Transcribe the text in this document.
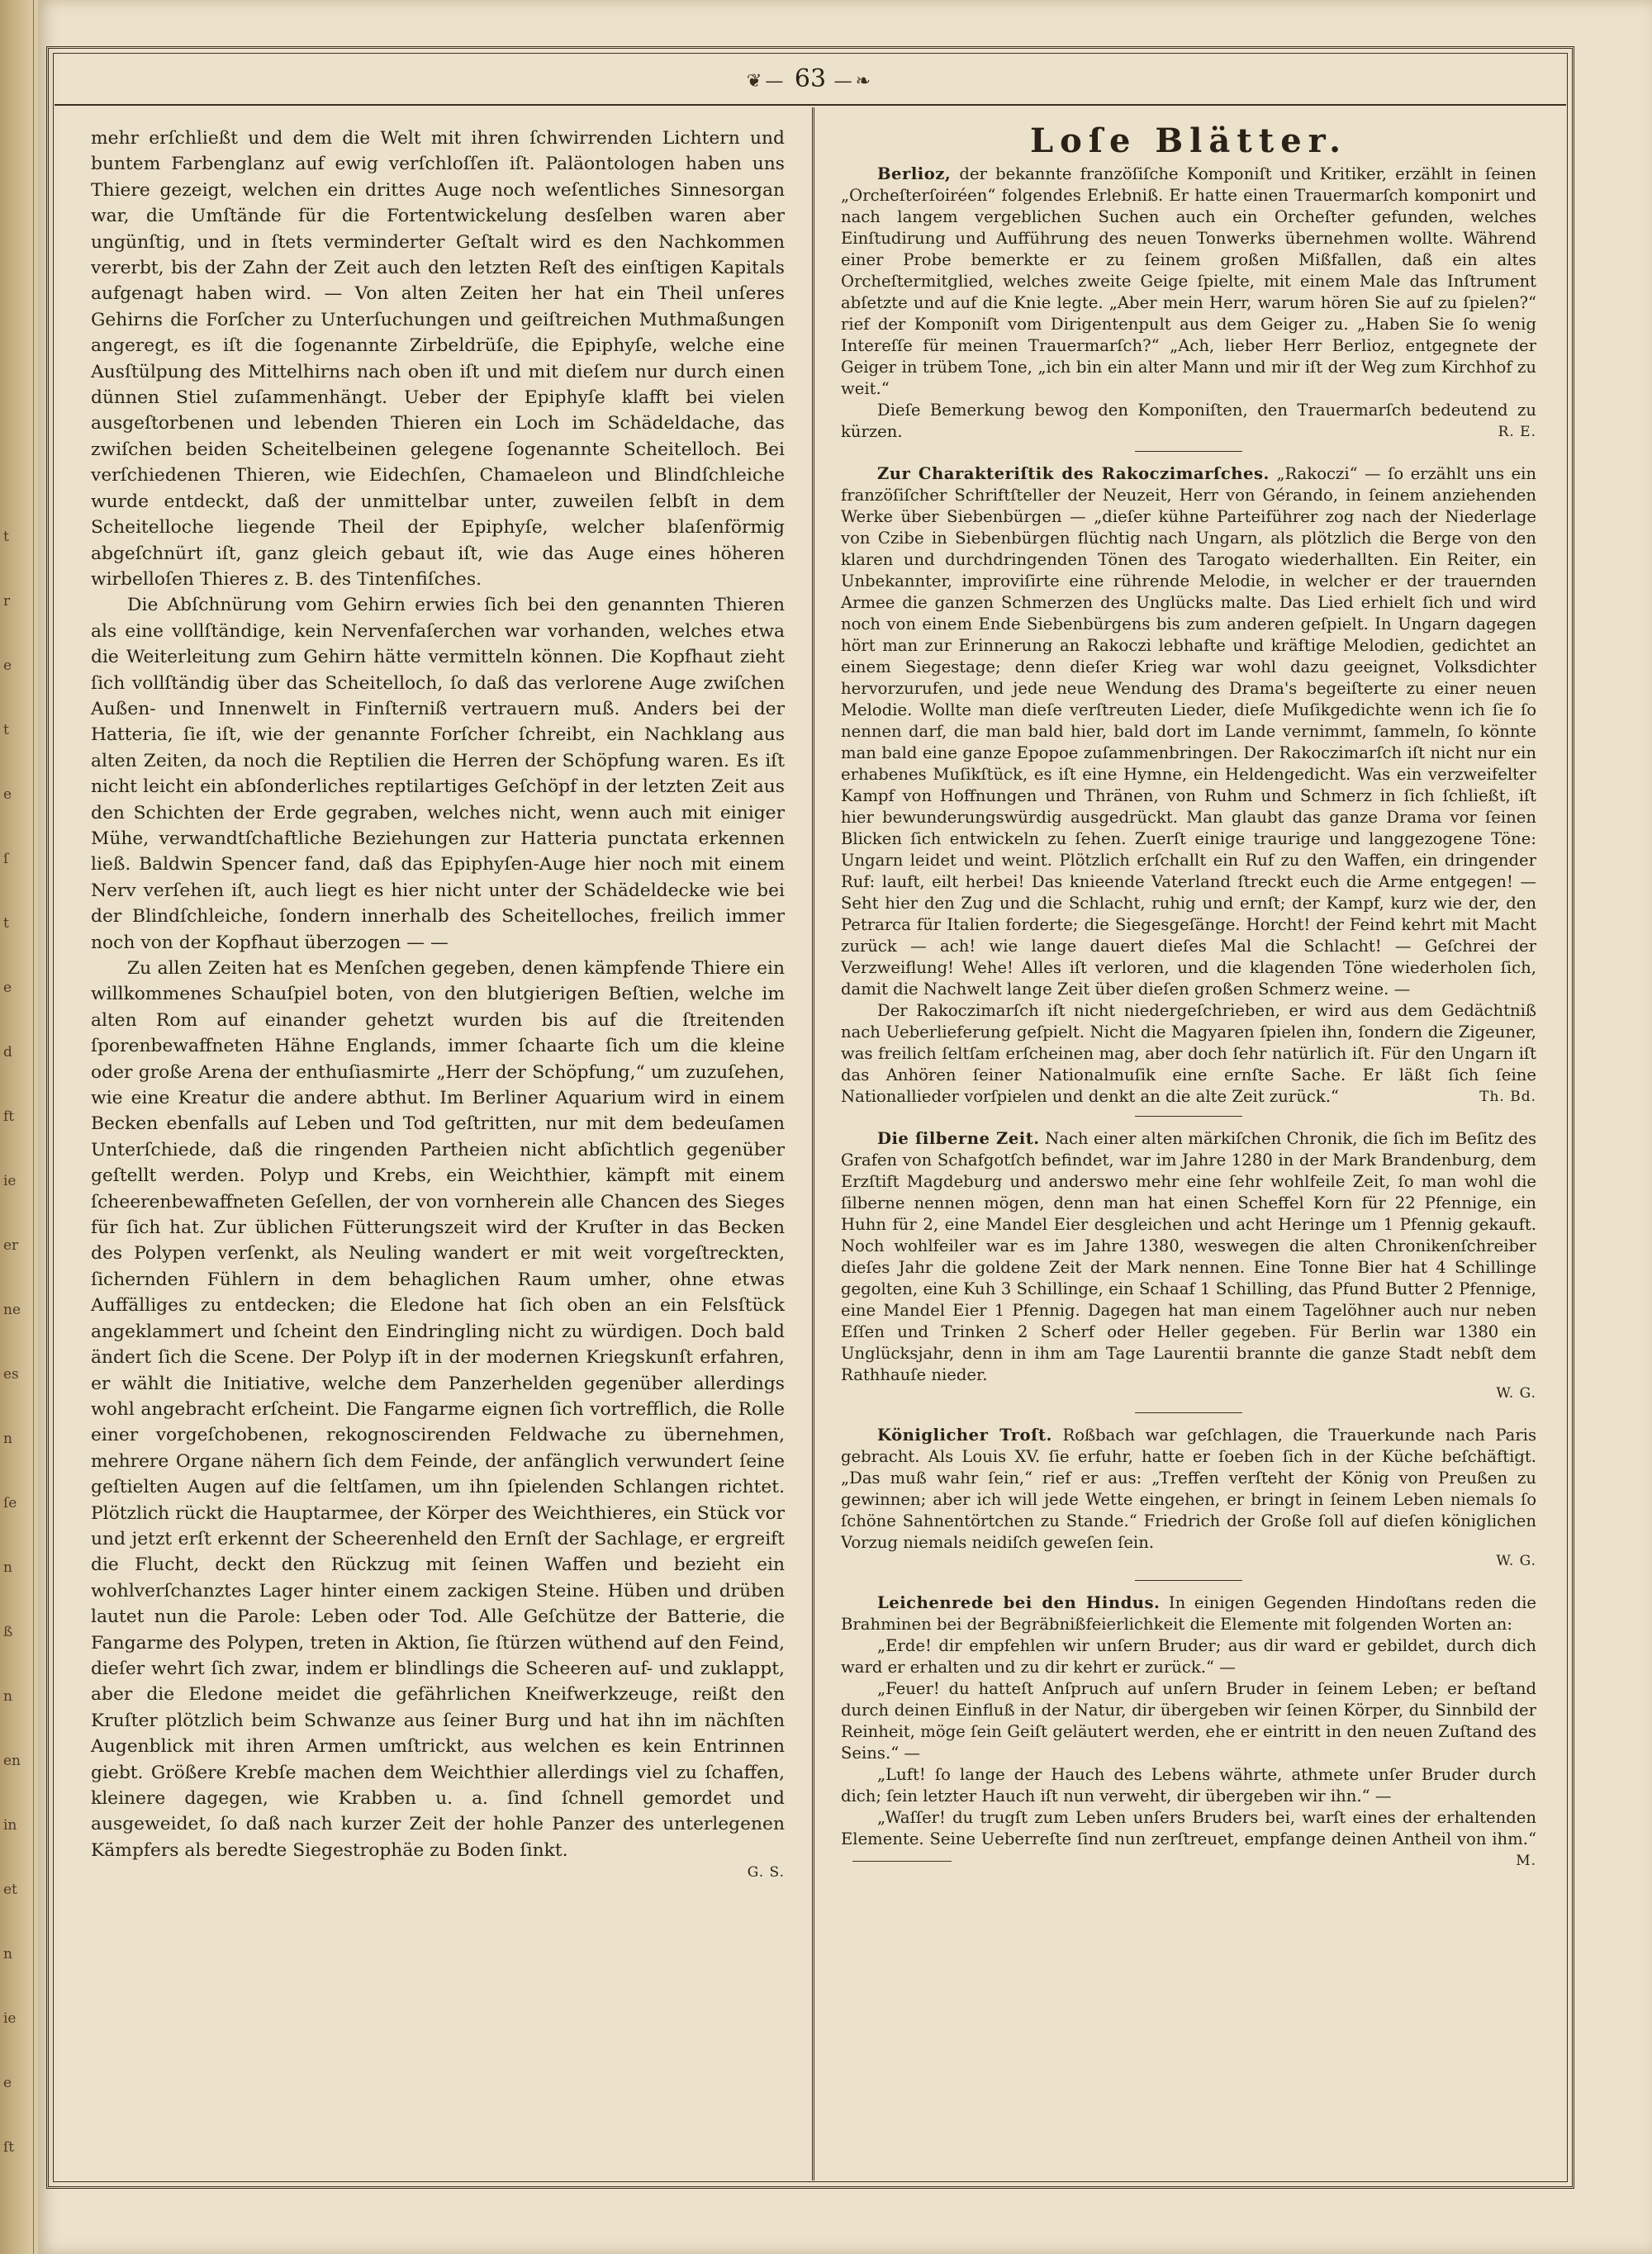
t
r
e
t
e
ſ
t
e
d
ft
ie
er
ne
es
n
ſe
n
ß
n
en
in
et
n
ie
e
ſt
❦— 63 —❧

mehr erſchließt und dem die Welt mit ihren ſchwirrenden Lichtern und buntem Farbenglanz auf ewig verſchloſſen iſt. Paläontologen haben uns Thiere gezeigt, welchen ein drittes Auge noch weſentliches Sinnesorgan war, die Umſtände für die Fortentwickelung desſelben waren aber ungünſtig, und in ſtets verminderter Geſtalt wird es den Nachkommen vererbt, bis der Zahn der Zeit auch den letzten Reſt des einſtigen Kapitals aufgenagt haben wird. — Von alten Zeiten her hat ein Theil unſeres Gehirns die Forſcher zu Unterſuchungen und geiſtreichen Muthmaßungen angeregt, es iſt die ſogenannte Zirbeldrüſe, die Epiphyſe, welche eine Ausſtülpung des Mittelhirns nach oben iſt und mit dieſem nur durch einen dünnen Stiel zuſammenhängt. Ueber der Epiphyſe klafft bei vielen ausgeſtorbenen und lebenden Thieren ein Loch im Schädeldache, das zwiſchen beiden Scheitelbeinen gelegene ſogenannte Scheitelloch. Bei verſchiedenen Thieren, wie Eidechſen, Chamaeleon und Blindſchleiche wurde entdeckt, daß der unmittelbar unter, zuweilen ſelbſt in dem Scheitelloche liegende Theil der Epiphyſe, welcher blaſenförmig abgeſchnürt iſt, ganz gleich gebaut iſt, wie das Auge eines höheren wirbelloſen Thieres z. B. des Tintenfiſches.

Die Abſchnürung vom Gehirn erwies ſich bei den genannten Thieren als eine vollſtändige, kein Nervenfaſerchen war vorhanden, welches etwa die Weiterleitung zum Gehirn hätte vermitteln können. Die Kopfhaut zieht ſich vollſtändig über das Scheitelloch, ſo daß das verlorene Auge zwiſchen Außen- und Innenwelt in Finſterniß vertrauern muß. Anders bei der Hatteria, ſie iſt, wie der genannte Forſcher ſchreibt, ein Nachklang aus alten Zeiten, da noch die Reptilien die Herren der Schöpfung waren. Es iſt nicht leicht ein abſonderliches reptilartiges Geſchöpf in der letzten Zeit aus den Schichten der Erde gegraben, welches nicht, wenn auch mit einiger Mühe, verwandtſchaftliche Beziehungen zur Hatteria punctata erkennen ließ. Baldwin Spencer fand, daß das Epiphyſen-Auge hier noch mit einem Nerv verſehen iſt, auch liegt es hier nicht unter der Schädeldecke wie bei der Blindſchleiche, ſondern innerhalb des Scheitelloches, freilich immer noch von der Kopfhaut überzogen — —

Zu allen Zeiten hat es Menſchen gegeben, denen kämpfende Thiere ein willkommenes Schauſpiel boten, von den blutgierigen Beſtien, welche im alten Rom auf einander gehetzt wurden bis auf die ſtreitenden ſporenbewaffneten Hähne Englands, immer ſchaarte ſich um die kleine oder große Arena der enthuſiasmirte „Herr der Schöpfung,“ um zuzuſehen, wie eine Kreatur die andere abthut. Im Berliner Aquarium wird in einem Becken ebenfalls auf Leben und Tod geſtritten, nur mit dem bedeuſamen Unterſchiede, daß die ringenden Partheien nicht abſichtlich gegenüber geſtellt werden. Polyp und Krebs, ein Weichthier, kämpft mit einem ſcheerenbewaffneten Geſellen, der von vornherein alle Chancen des Sieges für ſich hat. Zur üblichen Fütterungszeit wird der Kruſter in das Becken des Polypen verſenkt, als Neuling wandert er mit weit vorgeſtreckten, ſichernden Fühlern in dem behaglichen Raum umher, ohne etwas Auffälliges zu entdecken; die Eledone hat ſich oben an ein Felsſtück angeklammert und ſcheint den Eindringling nicht zu würdigen. Doch bald ändert ſich die Scene. Der Polyp iſt in der modernen Kriegskunſt erfahren, er wählt die Initiative, welche dem Panzerhelden gegenüber allerdings wohl angebracht erſcheint. Die Fangarme eignen ſich vortrefflich, die Rolle einer vorgeſchobenen, rekognoscirenden Feldwache zu übernehmen, mehrere Organe nähern ſich dem Feinde, der anfänglich verwundert ſeine geſtielten Augen auf die ſeltſamen, um ihn ſpielenden Schlangen richtet. Plötzlich rückt die Hauptarmee, der Körper des Weichthieres, ein Stück vor und jetzt erſt erkennt der Scheerenheld den Ernſt der Sachlage, er ergreift die Flucht, deckt den Rückzug mit ſeinen Waffen und bezieht ein wohlverſchanztes Lager hinter einem zackigen Steine. Hüben und drüben lautet nun die Parole: Leben oder Tod. Alle Geſchütze der Batterie, die Fangarme des Polypen, treten in Aktion, ſie ſtürzen wüthend auf den Feind, dieſer wehrt ſich zwar, indem er blindlings die Scheeren auf- und zuklappt, aber die Eledone meidet die gefährlichen Kneifwerkzeuge, reißt den Kruſter plötzlich beim Schwanze aus ſeiner Burg und hat ihn im nächſten Augenblick mit ihren Armen umſtrickt, aus welchen es kein Entrinnen giebt. Größere Krebſe machen dem Weichthier allerdings viel zu ſchaffen, kleinere dagegen, wie Krabben u. a. ſind ſchnell gemordet und ausgeweidet, ſo daß nach kurzer Zeit der hohle Panzer des unterlegenen Kämpfers als beredte Siegestrophäe zu Boden ſinkt.

G. S.
Loſe Blätter.

Berlioz, der bekannte franzöſiſche Komponiſt und Kritiker, erzählt in ſeinen „Orcheſterſoiréen“ folgendes Erlebniß. Er hatte einen Trauermarſch komponirt und nach langem vergeblichen Suchen auch ein Orcheſter gefunden, welches Einſtudirung und Aufführung des neuen Tonwerks übernehmen wollte. Während einer Probe bemerkte er zu ſeinem großen Mißfallen, daß ein altes Orcheſtermitglied, welches zweite Geige ſpielte, mit einem Male das Inſtrument abſetzte und auf die Knie legte. „Aber mein Herr, warum hören Sie auf zu ſpielen?“ rief der Komponiſt vom Dirigentenpult aus dem Geiger zu. „Haben Sie ſo wenig Intereſſe für meinen Trauermarſch?“ „Ach, lieber Herr Berlioz, entgegnete der Geiger in trübem Tone, „ich bin ein alter Mann und mir iſt der Weg zum Kirchhof zu weit.“

Dieſe Bemerkung bewog den Komponiſten, den Trauermarſch bedeutend zu kürzen.	R. E.

Zur Charakteriſtik des Rakoczimarſches. „Rakoczi“ — ſo erzählt uns ein franzöſiſcher Schriftſteller der Neuzeit, Herr von Gérando, in ſeinem anziehenden Werke über Siebenbürgen — „dieſer kühne Parteiführer zog nach der Niederlage von Czibe in Siebenbürgen flüchtig nach Ungarn, als plötzlich die Berge von den klaren und durchdringenden Tönen des Tarogato wiederhallten. Ein Reiter, ein Unbekannter, improviſirte eine rührende Melodie, in welcher er der trauernden Armee die ganzen Schmerzen des Unglücks malte. Das Lied erhielt ſich und wird noch von einem Ende Siebenbürgens bis zum anderen geſpielt. In Ungarn dagegen hört man zur Erinnerung an Rakoczi lebhafte und kräftige Melodien, gedichtet an einem Siegestage; denn dieſer Krieg war wohl dazu geeignet, Volksdichter hervorzurufen, und jede neue Wendung des Drama's begeiſterte zu einer neuen Melodie. Wollte man dieſe verſtreuten Lieder, dieſe Muſikgedichte wenn ich ſie ſo nennen darf, die man bald hier, bald dort im Lande vernimmt, ſammeln, ſo könnte man bald eine ganze Epopoe zuſammenbringen. Der Rakoczimarſch iſt nicht nur ein erhabenes Muſikſtück, es iſt eine Hymne, ein Heldengedicht. Was ein verzweifelter Kampf von Hoffnungen und Thränen, von Ruhm und Schmerz in ſich ſchließt, iſt hier bewunderungswürdig ausgedrückt. Man glaubt das ganze Drama vor ſeinen Blicken ſich entwickeln zu ſehen. Zuerſt einige traurige und langgezogene Töne: Ungarn leidet und weint. Plötzlich erſchallt ein Ruf zu den Waffen, ein dringender Ruf: lauft, eilt herbei! Das knieende Vaterland ſtreckt euch die Arme entgegen! — Seht hier den Zug und die Schlacht, ruhig und ernſt; der Kampf, kurz wie der, den Petrarca für Italien forderte; die Siegesgeſänge. Horcht! der Feind kehrt mit Macht zurück — ach! wie lange dauert dieſes Mal die Schlacht! — Geſchrei der Verzweiflung! Wehe! Alles iſt verloren, und die klagenden Töne wiederholen ſich, damit die Nachwelt lange Zeit über dieſen großen Schmerz weine. —

Der Rakoczimarſch iſt nicht niedergeſchrieben, er wird aus dem Gedächtniß nach Ueberlieferung geſpielt. Nicht die Magyaren ſpielen ihn, ſondern die Zigeuner, was freilich ſeltſam erſcheinen mag, aber doch ſehr natürlich iſt. Für den Ungarn iſt das Anhören ſeiner Nationalmuſik eine ernſte Sache. Er läßt ſich ſeine Nationallieder vorſpielen und denkt an die alte Zeit zurück.“	Th. Bd.

Die ſilberne Zeit. Nach einer alten märkiſchen Chronik, die ſich im Beſitz des Grafen von Schafgotſch befindet, war im Jahre 1280 in der Mark Brandenburg, dem Erzſtift Magdeburg und anderswo mehr eine ſehr wohlfeile Zeit, ſo man wohl die ſilberne nennen mögen, denn man hat einen Scheffel Korn für 22 Pfennige, ein Huhn für 2, eine Mandel Eier desgleichen und acht Heringe um 1 Pfennig gekauft. Noch wohlfeiler war es im Jahre 1380, weswegen die alten Chronikenſchreiber dieſes Jahr die goldene Zeit der Mark nennen. Eine Tonne Bier hat 4 Schillinge gegolten, eine Kuh 3 Schillinge, ein Schaaf 1 Schilling, das Pfund Butter 2 Pfennige, eine Mandel Eier 1 Pfennig. Dagegen hat man einem Tagelöhner auch nur neben Eſſen und Trinken 2 Scherf oder Heller gegeben. Für Berlin war 1380 ein Unglücksjahr, denn in ihm am Tage Laurentii brannte die ganze Stadt nebſt dem Rathhauſe nieder.

W. G.

Königlicher Troſt. Roßbach war geſchlagen, die Trauerkunde nach Paris gebracht. Als Louis XV. ſie erfuhr, hatte er ſoeben ſich in der Küche beſchäftigt. „Das muß wahr ſein,“ rief er aus: „Treffen verſteht der König von Preußen zu gewinnen; aber ich will jede Wette eingehen, er bringt in ſeinem Leben niemals ſo ſchöne Sahnentörtchen zu Stande.“ Friedrich der Große ſoll auf dieſen königlichen Vorzug niemals neidiſch geweſen ſein.

W. G.

Leichenrede bei den Hindus. In einigen Gegenden Hindoſtans reden die Brahminen bei der Begräbnißfeierlichkeit die Elemente mit folgenden Worten an:

„Erde! dir empfehlen wir unſern Bruder; aus dir ward er gebildet, durch dich ward er erhalten und zu dir kehrt er zurück.“ —

„Feuer! du hatteſt Anſpruch auf unſern Bruder in ſeinem Leben; er beſtand durch deinen Einfluß in der Natur, dir übergeben wir ſeinen Körper, du Sinnbild der Reinheit, möge ſein Geiſt geläutert werden, ehe er eintritt in den neuen Zuſtand des Seins.“ —

„Luft! ſo lange der Hauch des Lebens währte, athmete unſer Bruder durch dich; ſein letzter Hauch iſt nun verweht, dir übergeben wir ihn.“ —

„Waſſer! du trugſt zum Leben unſers Bruders bei, warſt eines der erhaltenden Elemente. Seine Ueberreſte ſind nun zerſtreuet, empfange deinen Antheil von ihm.“
M.
